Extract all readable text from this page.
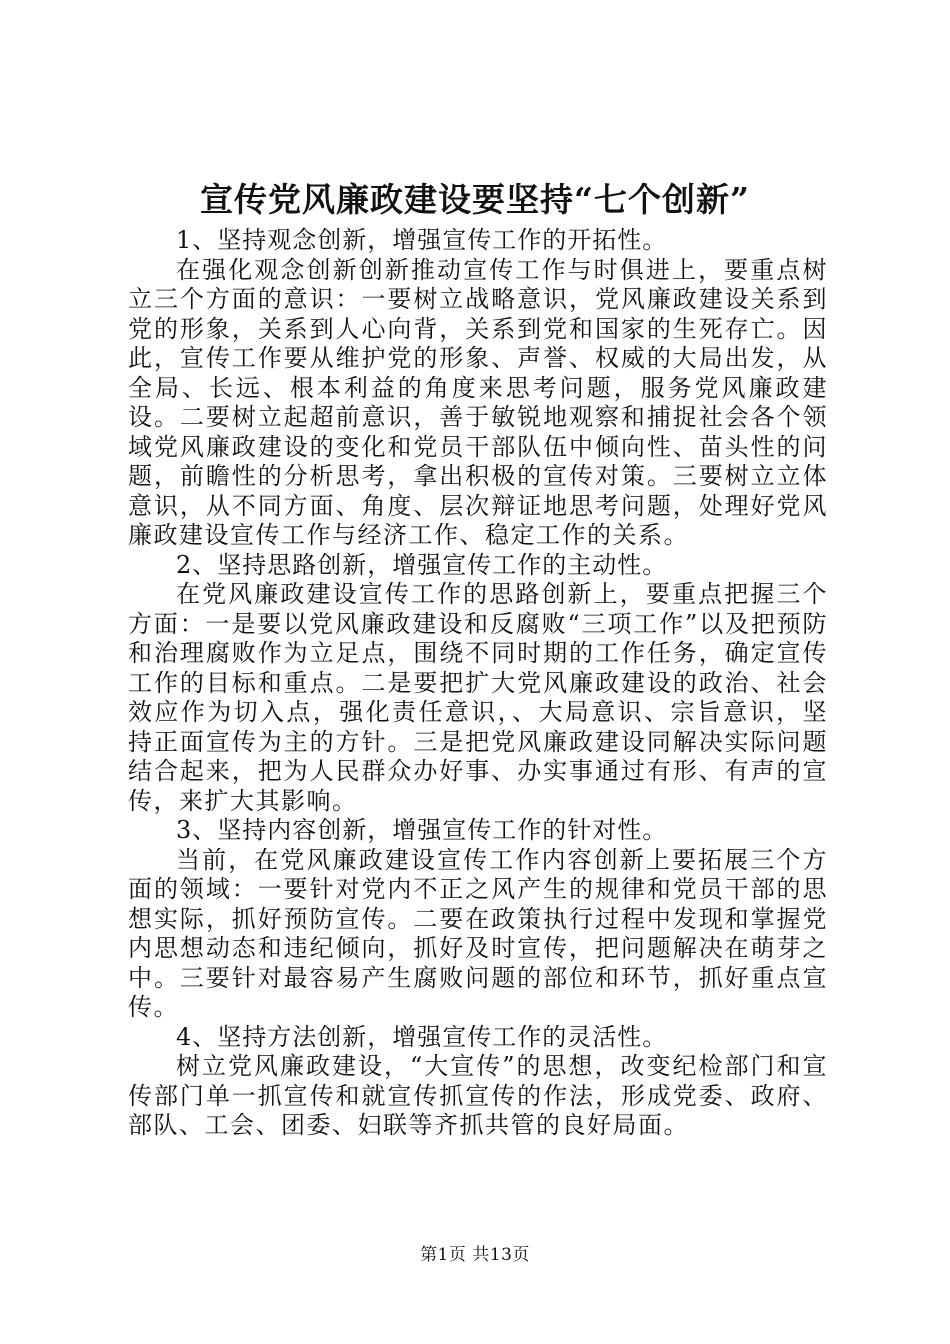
宣传党风廉政建设要坚持“七个创新”

1、坚持观念创新，增强宣传工作的开拓性。

在强化观念创新创新推动宣传工作与时俱进上，要重点树立三个方面的意识：一要树立战略意识，党风廉政建设关系到党的形象，关系到人心向背，关系到党和国家的生死存亡。因此，宣传工作要从维护党的形象、声誉、权威的大局出发，从全局、长远、根本利益的角度来思考问题，服务党风廉政建设。二要树立起超前意识，善于敏锐地观察和捕捉社会各个领域党风廉政建设的变化和党员干部队伍中倾向性、苗头性的问题，前瞻性的分析思考，拿出积极的宣传对策。三要树立立体意识，从不同方面、角度、层次辩证地思考问题，处理好党风廉政建设宣传工作与经济工作、稳定工作的关系。

2、坚持思路创新，增强宣传工作的主动性。

在党风廉政建设宣传工作的思路创新上，要重点把握三个方面：一是要以党风廉政建设和反腐败“三项工作”以及把预防和治理腐败作为立足点，围绕不同时期的工作任务，确定宣传工作的目标和重点。二是要把扩大党风廉政建设的政治、社会效应作为切入点，强化责任意识，、大局意识、宗旨意识，坚持正面宣传为主的方针。三是把党风廉政建设同解决实际问题结合起来，把为人民群众办好事、办实事通过有形、有声的宣传，来扩大其影响。

3、坚持内容创新，增强宣传工作的针对性。

当前，在党风廉政建设宣传工作内容创新上要拓展三个方面的领域：一要针对党内不正之风产生的规律和党员干部的思想实际，抓好预防宣传。二要在政策执行过程中发现和掌握党内思想动态和违纪倾向，抓好及时宣传，把问题解决在萌芽之中。三要针对最容易产生腐败问题的部位和环节，抓好重点宣传。

4、坚持方法创新，增强宣传工作的灵活性。

树立党风廉政建设，“大宣传”的思想，改变纪检部门和宣传部门单一抓宣传和就宣传抓宣传的作法，形成党委、政府、部队、工会、团委、妇联等齐抓共管的良好局面。

第1页 共13页
